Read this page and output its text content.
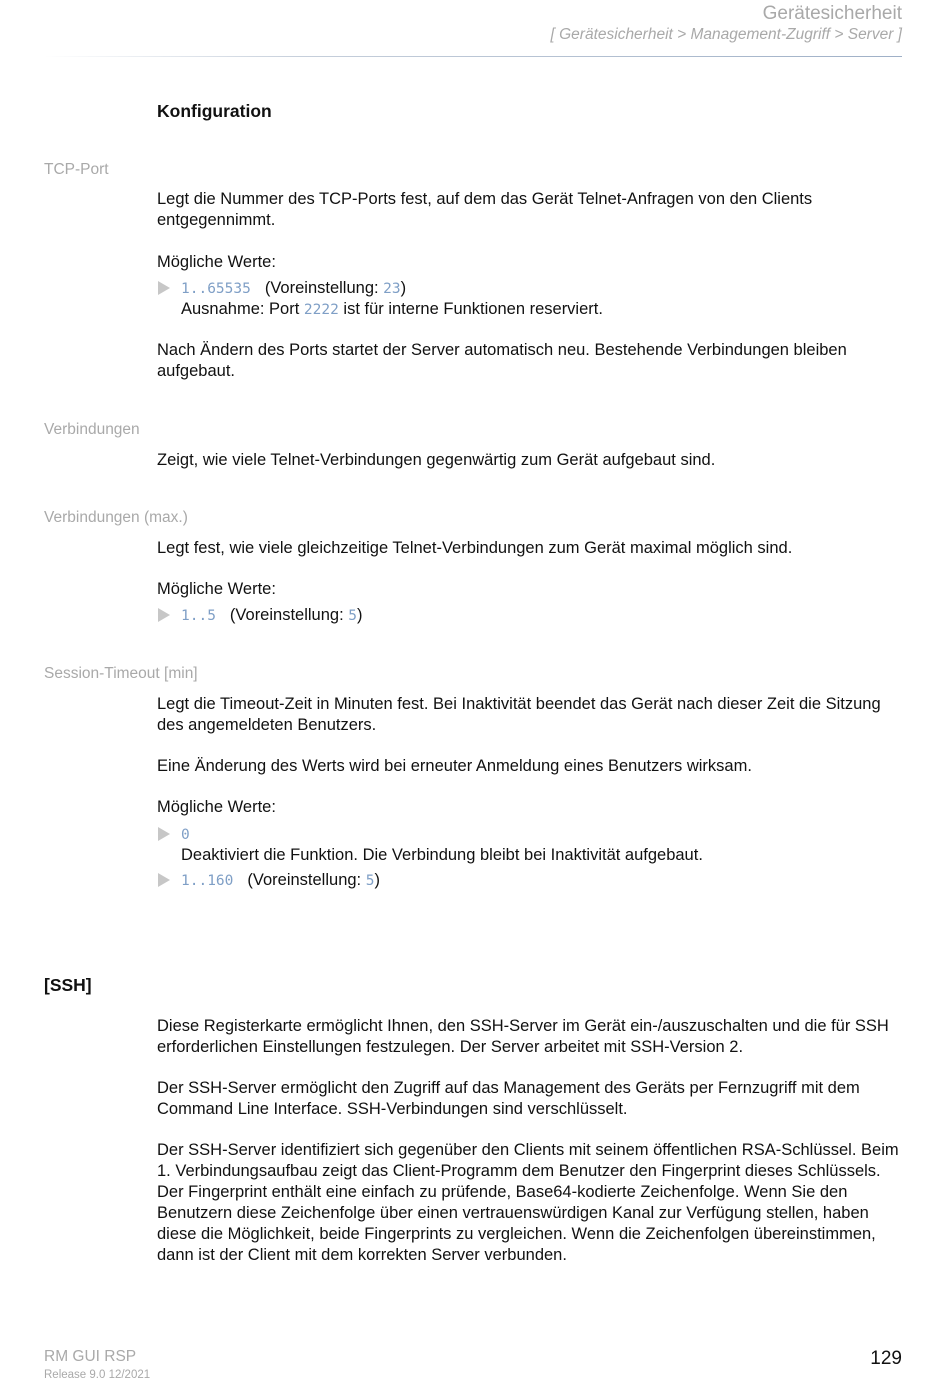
Gerätesicherheit
[ Gerätesicherheit > Management-Zugriff > Server ]
Konfiguration
TCP-Port
Legt die Nummer des TCP-Ports fest, auf dem das Gerät Telnet-Anfragen von den Clients entgegennimmt.
Mögliche Werte:
1..65535 (Voreinstellung: 23)
Ausnahme: Port 2222 ist für interne Funktionen reserviert.
Nach Ändern des Ports startet der Server automatisch neu. Bestehende Verbindungen bleiben aufgebaut.
Verbindungen
Zeigt, wie viele Telnet-Verbindungen gegenwärtig zum Gerät aufgebaut sind.
Verbindungen (max.)
Legt fest, wie viele gleichzeitige Telnet-Verbindungen zum Gerät maximal möglich sind.
Mögliche Werte:
1..5 (Voreinstellung: 5)
Session-Timeout [min]
Legt die Timeout-Zeit in Minuten fest. Bei Inaktivität beendet das Gerät nach dieser Zeit die Sitzung des angemeldeten Benutzers.
Eine Änderung des Werts wird bei erneuter Anmeldung eines Benutzers wirksam.
Mögliche Werte:
0
Deaktiviert die Funktion. Die Verbindung bleibt bei Inaktivität aufgebaut.
1..160 (Voreinstellung: 5)
[SSH]
Diese Registerkarte ermöglicht Ihnen, den SSH-Server im Gerät ein-/auszuschalten und die für SSH erforderlichen Einstellungen festzulegen. Der Server arbeitet mit SSH-Version 2.
Der SSH-Server ermöglicht den Zugriff auf das Management des Geräts per Fernzugriff mit dem Command Line Interface. SSH-Verbindungen sind verschlüsselt.
Der SSH-Server identifiziert sich gegenüber den Clients mit seinem öffentlichen RSA-Schlüssel. Beim 1. Verbindungsaufbau zeigt das Client-Programm dem Benutzer den Fingerprint dieses Schlüssels. Der Fingerprint enthält eine einfach zu prüfende, Base64-kodierte Zeichenfolge. Wenn Sie den Benutzern diese Zeichenfolge über einen vertrauenswürdigen Kanal zur Verfügung stellen, haben diese die Möglichkeit, beide Fingerprints zu vergleichen. Wenn die Zeichenfolgen übereinstimmen, dann ist der Client mit dem korrekten Server verbunden.
RM GUI RSP
Release 9.0 12/2021
129
